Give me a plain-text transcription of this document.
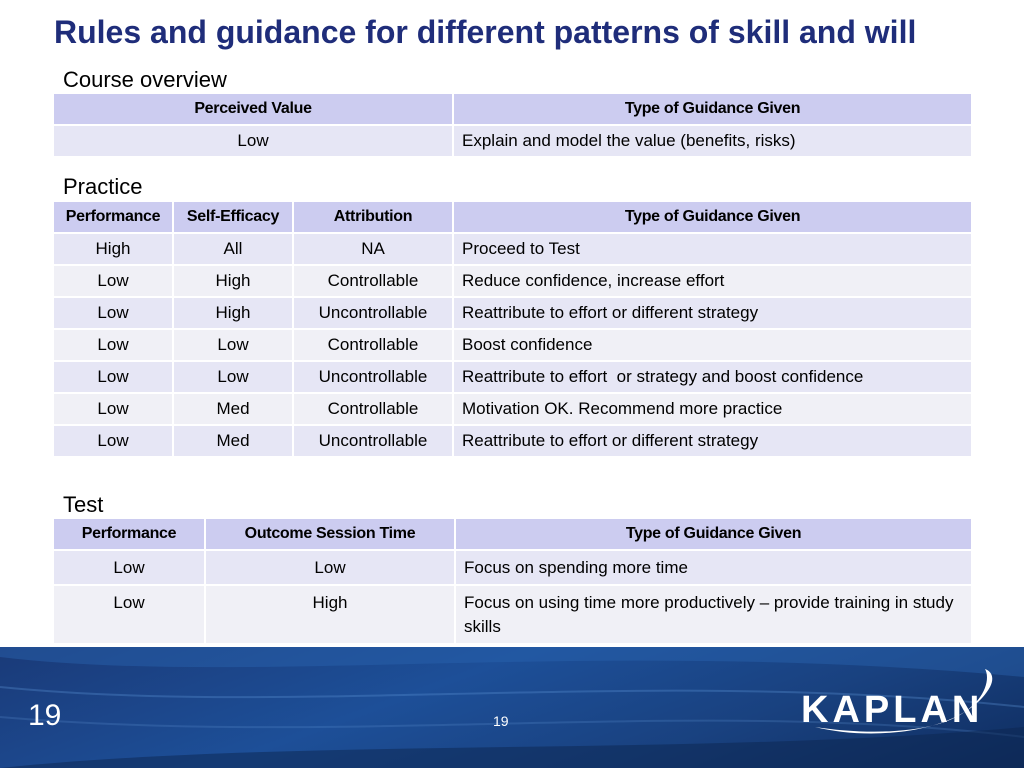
Rules and guidance for different patterns of skill and will
Course overview
Perceived Value	Type of Guidance Given
Low	Explain and model the value (benefits, risks)
Practice
Performance	Self-Efficacy	Attribution	Type of Guidance Given
High	All	NA	Proceed to Test
Low	High	Controllable	Reduce confidence, increase effort
Low	High	Uncontrollable	Reattribute to effort or different strategy
Low	Low	Controllable	Boost confidence
Low	Low	Uncontrollable	Reattribute to effort  or strategy and boost confidence
Low	Med	Controllable	Motivation OK. Recommend more practice
Low	Med	Uncontrollable	Reattribute to effort or different strategy
Test
Performance	Outcome Session Time	Type of Guidance Given
Low	Low	Focus on spending more time
Low	High	Focus on using time more productively – provide training in study skills
19	19	KAPLAN
